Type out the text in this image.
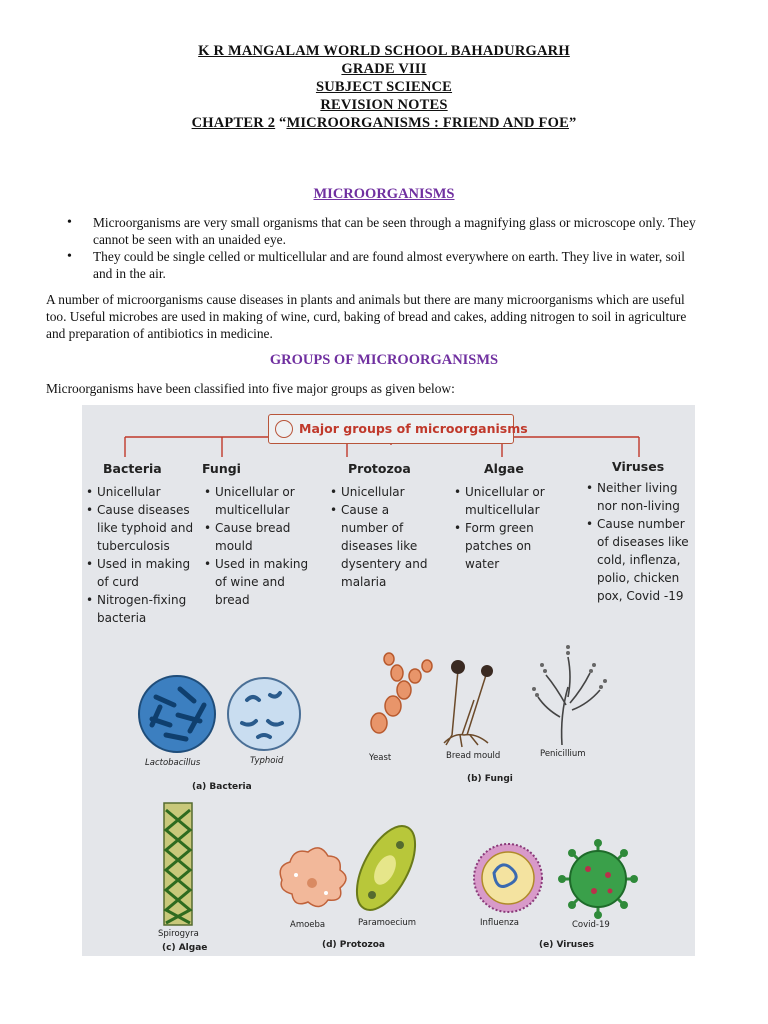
K R MANGALAM WORLD SCHOOL BAHADURGARH
GRADE VIII
SUBJECT SCIENCE
REVISION NOTES
CHAPTER 2 “MICROORGANISMS : FRIEND AND FOE”
MICROORGANISMS
• Microorganisms are very small organisms that can be seen through a magnifying glass or microscope only. They cannot be seen with an unaided eye.
• They could be single celled or multicellular and are found almost everywhere on earth. They live in water, soil and in the air.
A number of microorganisms cause diseases in plants and animals but there are many microorganisms which are useful too. Useful microbes are used in making of wine, curd, baking of bread and cakes, adding nitrogen to soil in agriculture and preparation of antibiotics in medicine.
GROUPS OF MICROORGANISMS
Microorganisms have been classified into five major groups as given below:
Major groups of microorganisms
Bacteria
• Unicellular
• Cause diseases like typhoid and tuberculosis
• Used in making of curd
• Nitrogen-fixing bacteria
Fungi
• Unicellular or multicellular
• Cause bread mould
• Used in making of wine and bread
Protozoa
• Unicellular
• Cause a number of diseases like dysentery and malaria
Algae
• Unicellular or multicellular
• Form green patches on water
Viruses
• Neither living nor non-living
• Cause number of diseases like cold, inflenza, polio, chicken pox, Covid -19
Lactobacillus	Typhoid	Yeast	Bread mould	Penicillium
Spirogyra
Amoeba	Paramoecium	Influenza	Covid-19
(a) Bacteria
(b) Fungi
(c) Algae	(d) Protozoa	(e) Viruses
